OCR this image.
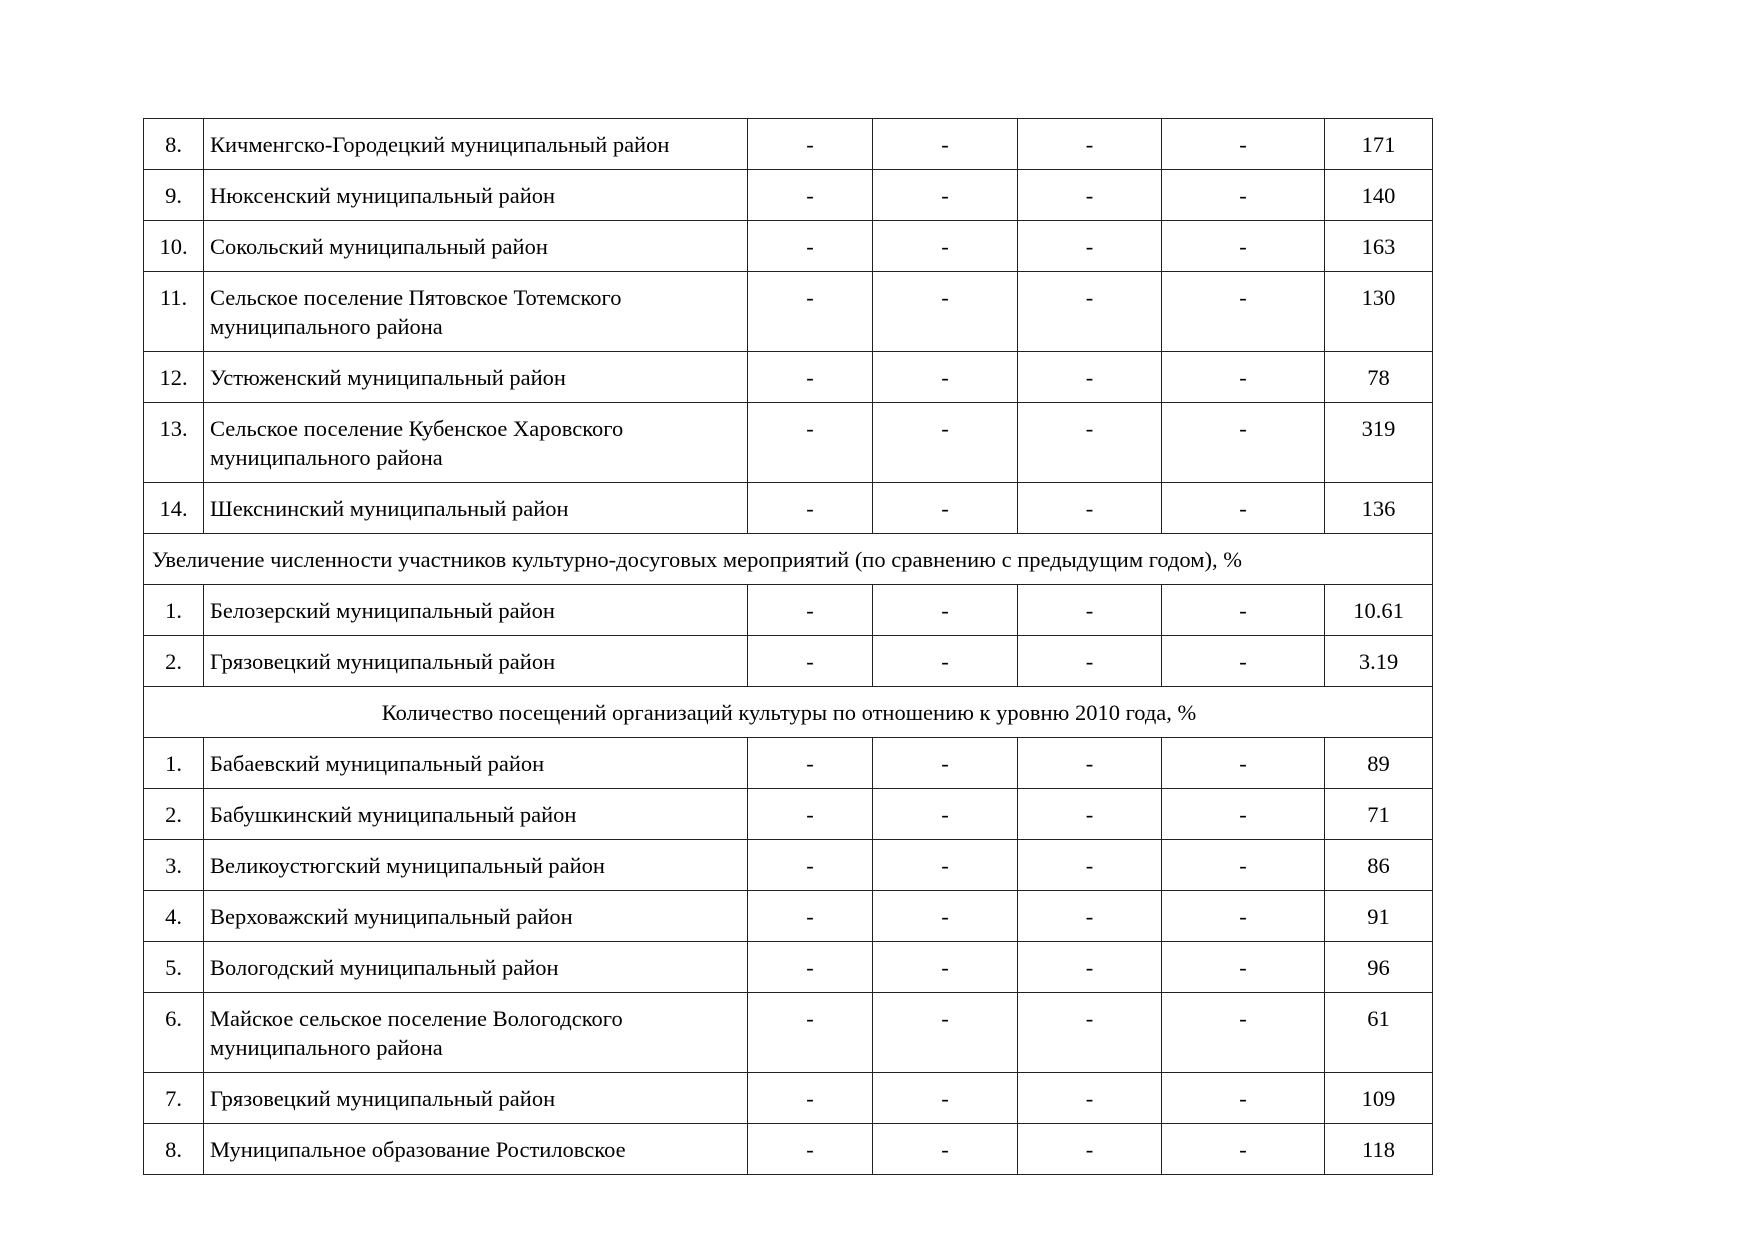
8.	Кичменгско-Городецкий муниципальный район	-	-	-	-	171
9.	Нюксенский муниципальный район	-	-	-	-	140
10.	Сокольский муниципальный район	-	-	-	-	163
11.	Сельское поселение Пятовское Тотемского муниципального района	-	-	-	-	130
12.	Устюженский муниципальный район	-	-	-	-	78
13.	Сельское поселение Кубенское Харовского муниципального района	-	-	-	-	319
14.	Шекснинский муниципальный район	-	-	-	-	136
Увеличение численности участников культурно-досуговых мероприятий (по сравнению с предыдущим годом), %						
1.	Белозерский муниципальный район	-	-	-	-	10.61
2.	Грязовецкий муниципальный район	-	-	-	-	3.19
Количество посещений организаций культуры по отношению к уровню 2010 года, %						
1.	Бабаевский муниципальный район	-	-	-	-	89
2.	Бабушкинский муниципальный район	-	-	-	-	71
3.	Великоустюгский муниципальный район	-	-	-	-	86
4.	Верховажский муниципальный район	-	-	-	-	91
5.	Вологодский муниципальный район	-	-	-	-	96
6.	Майское сельское поселение Вологодского муниципального района	-	-	-	-	61
7.	Грязовецкий муниципальный район	-	-	-	-	109
8.	Муниципальное образование Ростиловское	-	-	-	-	118
